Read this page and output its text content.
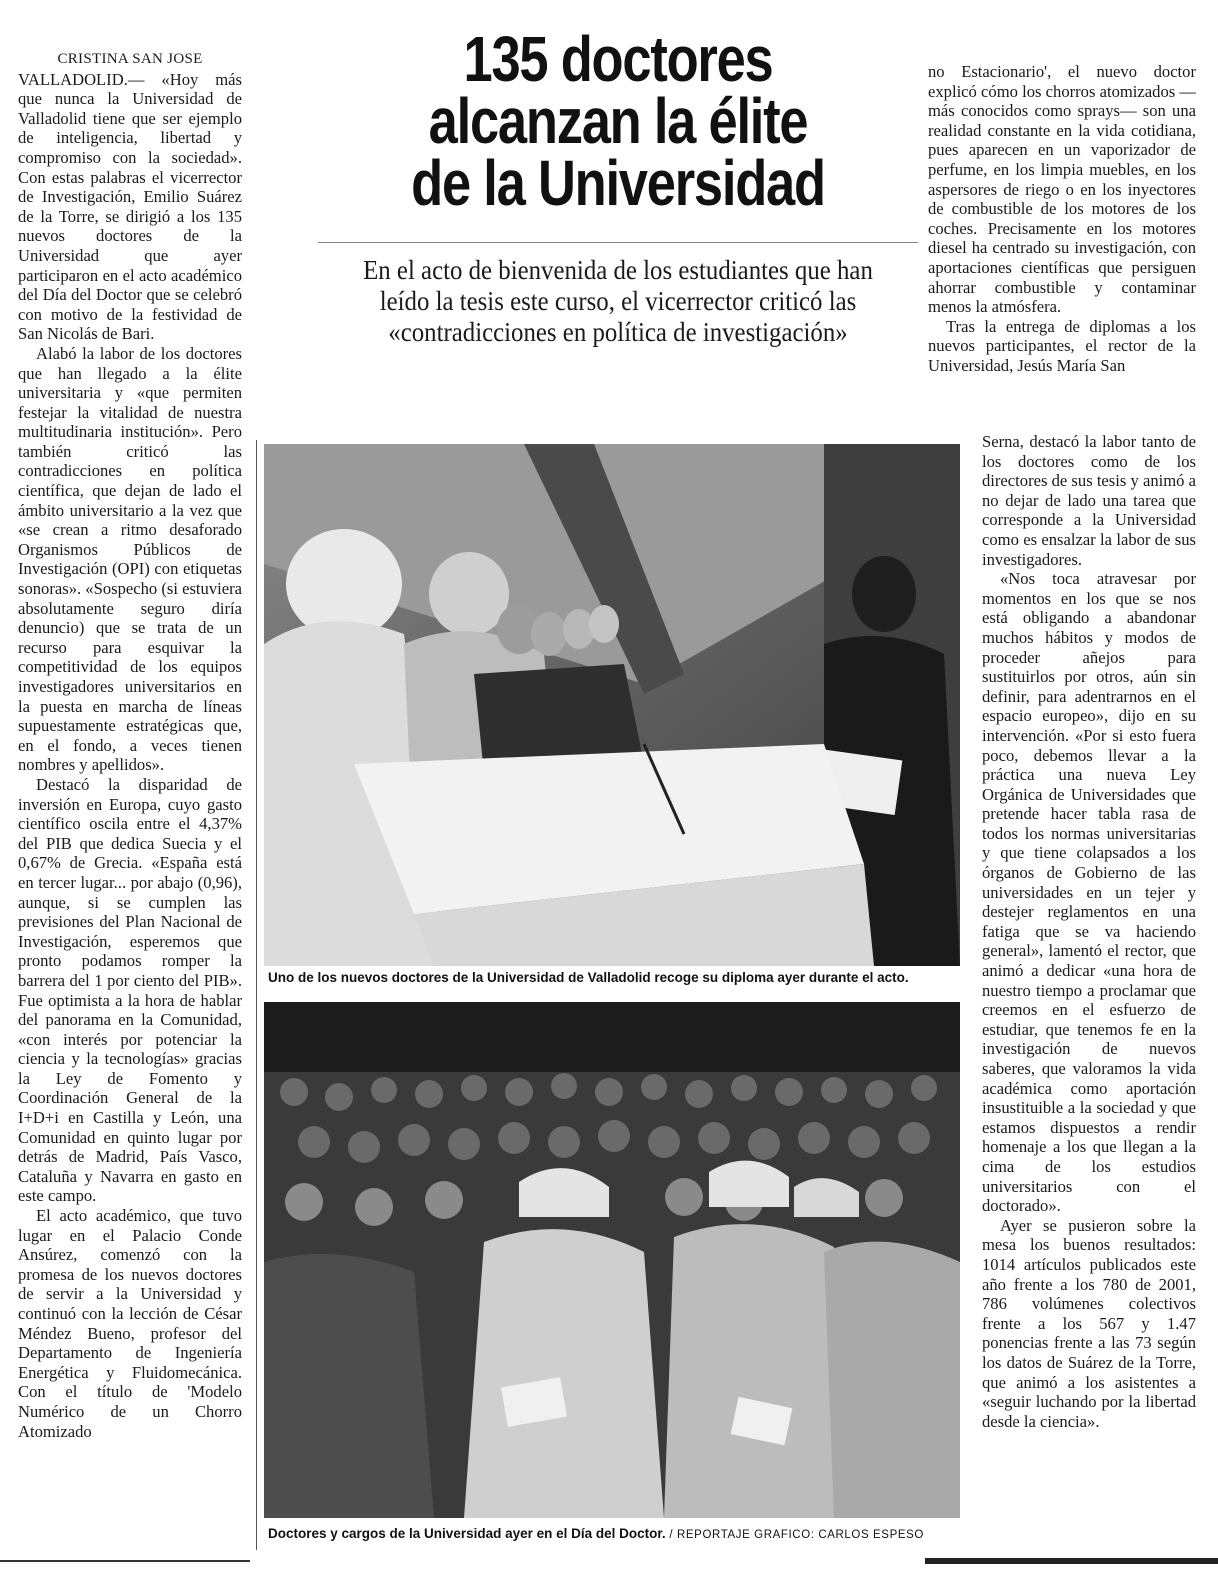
CRISTINA SAN JOSE

VALLADOLID.— «Hoy más que nunca la Universidad de Valladolid tiene que ser ejemplo de inteligencia, libertad y compromiso con la sociedad». Con estas palabras el vicerrector de Investigación, Emilio Suárez de la Torre, se dirigió a los 135 nuevos doctores de la Universidad que ayer participaron en el acto académico del Día del Doctor que se celebró con motivo de la festividad de San Nicolás de Bari.

Alabó la labor de los doctores que han llegado a la élite universitaria y «que permiten festejar la vitalidad de nuestra multitudinaria institución». Pero también criticó las contradicciones en política científica, que dejan de lado el ámbito universitario a la vez que «se crean a ritmo desaforado Organismos Públicos de Investigación (OPI) con etiquetas sonoras». «Sospecho (si estuviera absolutamente seguro diría denuncio) que se trata de un recurso para esquivar la competitividad de los equipos investigadores universitarios en la puesta en marcha de líneas supuestamente estratégicas que, en el fondo, a veces tienen nombres y apellidos».

Destacó la disparidad de inversión en Europa, cuyo gasto científico oscila entre el 4,37% del PIB que dedica Suecia y el 0,67% de Grecia. «España está en tercer lugar... por abajo (0,96), aunque, si se cumplen las previsiones del Plan Nacional de Investigación, esperemos que pronto podamos romper la barrera del 1 por ciento del PIB». Fue optimista a la hora de hablar del panorama en la Comunidad, «con interés por potenciar la ciencia y la tecnologías» gracias la Ley de Fomento y Coordinación General de la I+D+i en Castilla y León, una Comunidad en quinto lugar por detrás de Madrid, País Vasco, Cataluña y Navarra en gasto en este campo.

El acto académico, que tuvo lugar en el Palacio Conde Ansúrez, comenzó con la promesa de los nuevos doctores de servir a la Universidad y continuó con la lección de César Méndez Bueno, profesor del Departamento de Ingeniería Energética y Fluidomecánica. Con el título de 'Modelo Numérico de un Chorro Atomizado

135 doctores
alcanzan la élite
de la Universidad
En el acto de bienvenida de los estudiantes que han leído la tesis este curso, el vicerrector criticó las «contradicciones en política de investigación»
Uno de los nuevos doctores de la Universidad de Valladolid recoge su diploma ayer durante el acto.
Doctores y cargos de la Universidad ayer en el Día del Doctor. / REPORTAJE GRAFICO: CARLOS ESPESO

no Estacionario', el nuevo doctor explicó cómo los chorros atomizados —más conocidos como sprays— son una realidad constante en la vida cotidiana, pues aparecen en un vaporizador de perfume, en los limpia muebles, en los aspersores de riego o en los inyectores de combustible de los motores de los coches. Precisamente en los motores diesel ha centrado su investigación, con aportaciones científicas que persiguen ahorrar combustible y contaminar menos la atmósfera.

Tras la entrega de diplomas a los nuevos participantes, el rector de la Universidad, Jesús María San

Serna, destacó la labor tanto de los doctores como de los directores de sus tesis y animó a no dejar de lado una tarea que corresponde a la Universidad como es ensalzar la labor de sus investigadores.

«Nos toca atravesar por momentos en los que se nos está obligando a abandonar muchos hábitos y modos de proceder añejos para sustituirlos por otros, aún sin definir, para adentrarnos en el espacio europeo», dijo en su intervención. «Por si esto fuera poco, debemos llevar a la práctica una nueva Ley Orgánica de Universidades que pretende hacer tabla rasa de todos los normas universitarias y que tiene colapsados a los órganos de Gobierno de las universidades en un tejer y destejer reglamentos en una fatiga que se va haciendo general», lamentó el rector, que animó a dedicar «una hora de nuestro tiempo a proclamar que creemos en el esfuerzo de estudiar, que tenemos fe en la investigación de nuevos saberes, que valoramos la vida académica como aportación insustituible a la sociedad y que estamos dispuestos a rendir homenaje a los que llegan a la cima de los estudios universitarios con el doctorado».

Ayer se pusieron sobre la mesa los buenos resultados: 1014 artículos publicados este año frente a los 780 de 2001, 786 volúmenes colectivos frente a los 567 y 1.47 ponencias frente a las 73 según los datos de Suárez de la Torre, que animó a los asistentes a «seguir luchando por la libertad desde la ciencia».
